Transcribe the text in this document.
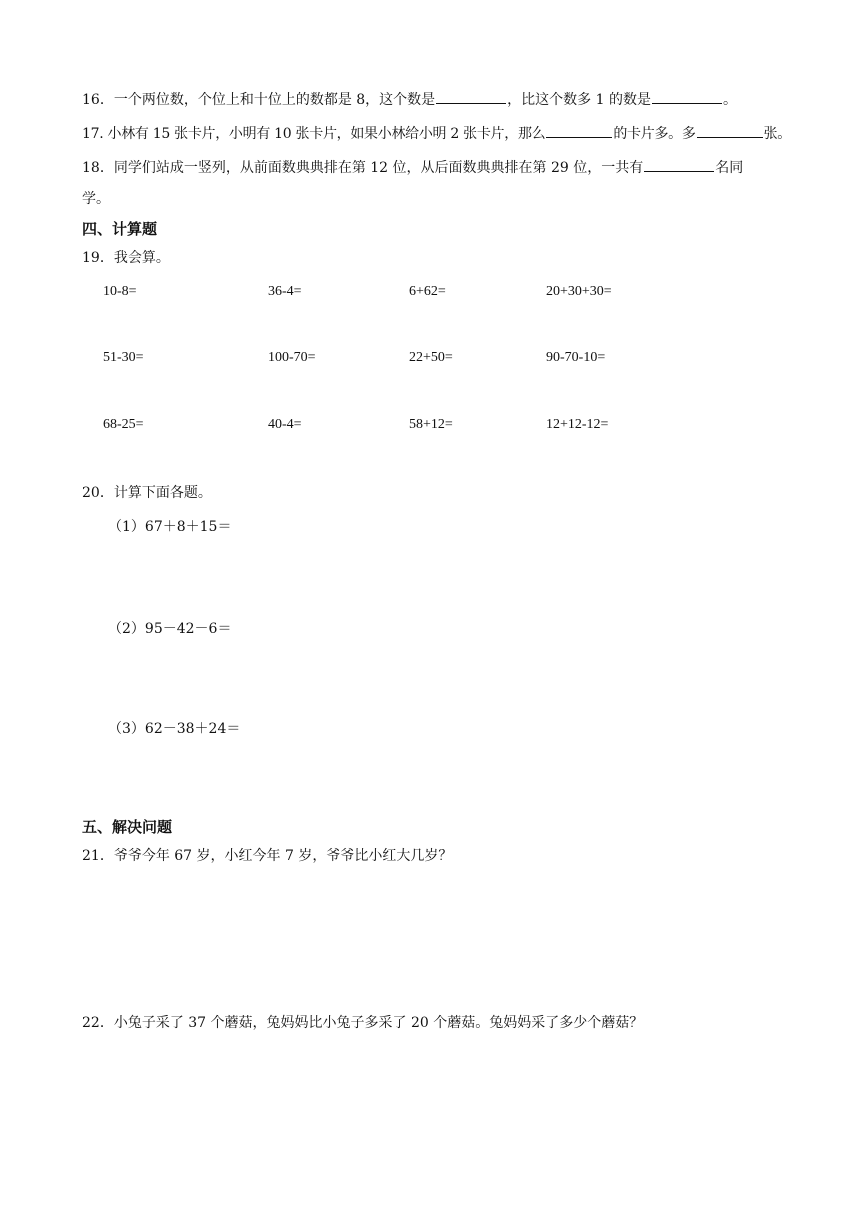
16．一个两位数，个位上和十位上的数都是 8，这个数是	，比这个数多 1 的数是	。
17. 小林有 15 张卡片，小明有 10 张卡片，如果小林给小明 2 张卡片，那么	的卡片多。多	张。
18．同学们站成一竖列，从前面数典典排在第 12 位，从后面数典典排在第 29 位，一共有	名同
学。
四、计算题
19．我会算。
10-8=	36-4=	6+62=	20+30+30=
51-30=	100-70=	22+50=	90-70-10=
68-25=	40-4=	58+12=	12+12-12=
20．计算下面各题。
（1）67＋8＋15＝
（2）95－42－6＝
（3）62－38＋24＝
五、解决问题
21．爷爷今年 67 岁，小红今年 7 岁，爷爷比小红大几岁？
22．小兔子采了 37 个蘑菇，兔妈妈比小兔子多采了 20 个蘑菇。兔妈妈采了多少个蘑菇？
